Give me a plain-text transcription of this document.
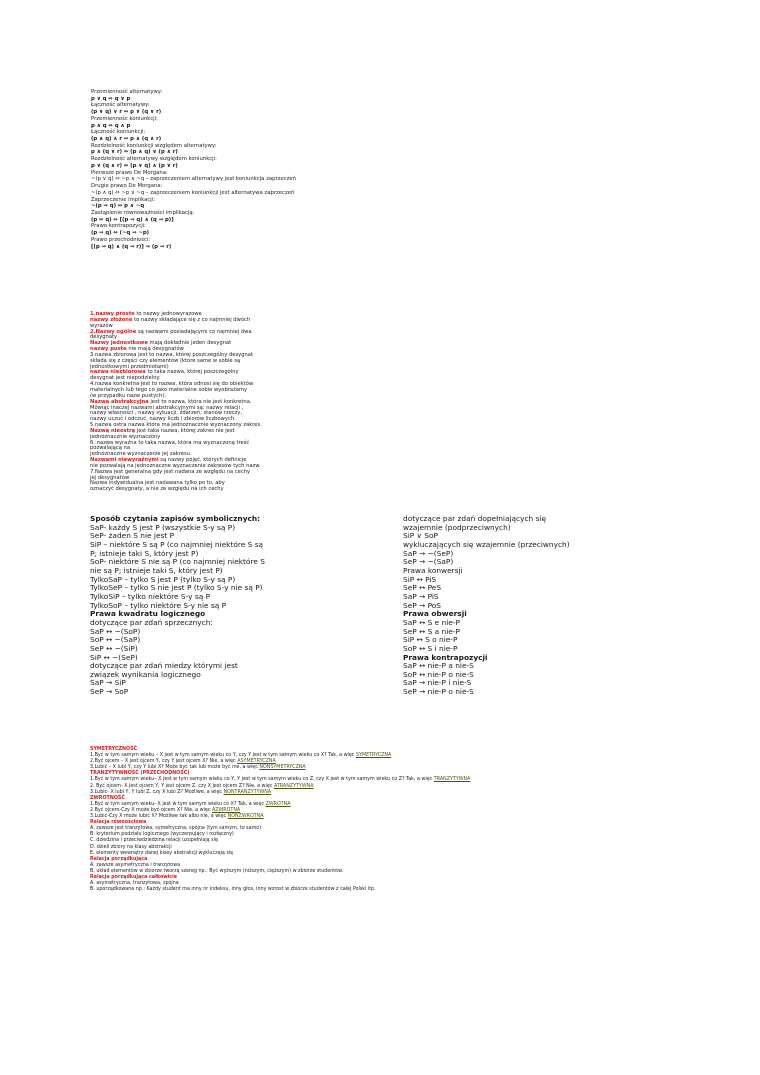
Przemienność alternatywy:
p ∨ q ⇔ q ∨ p
Łączność alternatywy:
(p ∨ q) ∨ r ⇔ p ∨ (q ∨ r)
Przemienność koniunkcji:
p ∧ q ⇔ q ∧ p
Łączność koniunkcji:
(p ∧ q) ∧ r ⇔ p ∧ (q ∧ r)
Rozdzielność koniunkcji względem alternatywy:
p ∧ (q ∨ r) ⇔ (p ∧ q) ∨ (p ∧ r)
Rozdzielność alternatywy względem koniunkcji:
p ∨ (q ∧ r) ⇔ (p ∨ q) ∧ (p ∨ r)
Pierwsze prawo De Morgana:
~(p ∨ q) ⇔ ~p ∧ ~q – zaprzeczeniem alternatywy jest koniunkcja zaprzeczeń
Drugie prawo De Morgana:
~(p ∧ q) ⇔ ~p ∨ ~q – zaprzeczeniem koniunkcji jest alternatywa zaprzeczeń
Zaprzeczenie implikacji:
~(p ⇒ q) ⇔ p ∧ ~q
Zastąpienie równoważności implikacją:
(p ⇔ q) ⇔ [(p ⇒ q) ∧ (q ⇒ p)]
Prawo kontrapozycji:
(p ⇒ q) ⇔ (~q ⇒ ~p)
Prawo przechodniości:
[(p ⇒ q) ∧ (q ⇒ r)] ⇒ (p ⇒ r)
1.nazwy proste to nazwy jednowyrazowe
nazwy złożone to nazwy składające się z co najmniej dwóch
wyrazów
2.Nazwy ogólne są nazwami posiadającymi co najmniej dwa
desygnaty
Nazwy jednostkowe mają dokładnie jeden desygnat
nazwy puste nie mają desygnatów
3.nazwa zbiorowa jest to nazwa, której poszczególny desygnat
składa się z części czy elementów (które same w sobie są
jednostkowymi przedmiotami)
nazwa niezbiorowa to taka nazwa, której poszczególny
desygnat jest niepodzielny
4.nazwa konkretna jest to nazwa, która odnosi się do obiektów
materialnych lub tego co jako materialne sobie wyobrażamy
(w przypadku nazw pustych).
Nazwa abstrakcyjna jest to nazwa, która nie jest konkretna.
Mówiąc inaczej nazwami abstrakcyjnymi są: nazwy relacji ,
nazwy własności , nazwy sytuacji, zdarzeń, stanów rzeczy,
nazwy uczuć i odczuć, nazwy liczb i zbiorów liczbowych.
5.nazwa ostra nazwa która ma jednoznacznie wyznaczony zakres.
Nazwą nieostrą jest taka nazwa, której zakres nie jest
jednoznacznie wyznaczony
6. nazwa wyraźna to taka nazwa, która ma wyznaczoną treść
pozwalającą na
jednoznaczne wyznaczenie jej zakresu.
Nazwami niewyraźnymi są nazwy pojęć, których definicje
nie pozwalają na jednoznaczne wyznaczenie zakresów tych nazw.
7.Nazwa jest generalna gdy jest nadana ze względu na cechy
jej desygnatów
Nazwa indywidualna jest nadawana tylko po to, aby
oznaczyć desygnaty, a nie ze względu na ich cechy
Sposób czytania zapisów symbolicznych:
SaP- każdy S jest P (wszystkie S-y są P)
SeP- żaden S nie jest P
SiP – niektóre S są P (co najmniej niektóre S są
P; istnieje taki S, który jest P)
SoP- niektóre S nie są P (co najmniej niektóre S
nie są P; istnieje taki S, który jest P)
TylkoSaP – tylko S jest P (tylko S-y są P)
TylkoSeP – tylko S nie jest P (tylko S-y nie są P)
TylkoSiP – tylko niektóre S-y są P
TylkoSoP – tylko niektóre S-y nie są P
Prawa kwadratu logicznego
dotyczące par zdań sprzecznych:
SaP ↔ ~(SoP)
SoP ↔ ~(SaP)
SeP ↔ ~(SiP)
SiP ↔ ~(SeP)
dotyczące par zdań miedzy którymi jest
związek wynikania logicznego
SaP → SiP
SeP → SoP
dotyczące par zdań dopełniających się
wzajemnie (podprzeciwnych)
SiP ∨ SoP
wykluczających się wzajemnie (przeciwnych)
SaP → ~(SeP)
SeP → ~(SaP)
Prawa konwersji
SiP ↔ PiS
SeP ↔ PeS
SaP → PiS
SeP → PoS
Prawa obwersji
SaP ↔ S e nie-P
SeP ↔ S a nie-P
SiP ↔ S o nie-P
SoP ↔ S i nie-P
Prawa kontrapozycji
SaP ↔ nie-P a nie-S
SoP ↔ nie-P o nie-S
SaP → nie-P i nie-S
SeP → nie-P o nie-S
SYMETRYCZNOŚĆ
1.Być w tym samym wieku – X jest w tym samym wieku co Y, czy Y jest w tym samym wieku co X? Tak, a więc SYMETRYCZNA
2.Być ojcem – X jest ojcem Y, czy Y jest ojcem X? Nie, a więc ASYMETRYCZNA
3.Lubić – X lubi Y, czy Y lubi X? Może być tak lub może być nie, a więc NONSYMETRYCZNA
TRANZYTYWNOŚĆ (PRZECHODNOŚĆ)
1.Być w tym samym wieku– X jest w tym samym wieku co Y, Y jest w tym samym wieku co Z, czy X jest w tym samym wieku co Z? Tak, a więc TRANZYTYWNA
2. Być ojcem- X jest ojcem Y, Y jest ojcem Z, czy X jest ojcem Z? Nie, a więc ATRANZYTYWNA
3.Lubić- X lubi Y, Y lubi Z, czy X lubi Z? Możliwe, a więc NONTRANZYTYWNA
ZWROTNOŚĆ
1.Być w tym samym wieku- X jest w tym samym wieku co X? Tak, a więc ZWROTNA
2.Być ojcem-Czy X może być ojcem X? Nie, a więc AZWROTNA
3.Lubić-Czy X może lubić X? Możliwe tak albo nie, a więc NONZWROTNA
Relacja równościowa
A. zawsze jest tranzytowa, symetryczna, spójna (tym samym, to samo)
B. kryterium podziału logicznego (wyczerpujący i rozłączny)
C. dziedzina i przeciwdziedzina relacji uzupełniają się
D. dzieli zbiory na klasy abstrakcji
E. elementy wewnątrz danej klasy abstrakcji wykluczają się
Relacja porządkująca
A. zawsze asymetryczna i tranzytowa
B. układ elementów w zbiorze tworzą szereg np.: Być wyższym (niższym, cięższym) w zbiorze studentów.
Relacja porządkująca całkowicie
A. asymetryczna, tranzytowa, spójna
B. uporządkowana np.: Każdy student ma inny nr indeksu, inny głos, inny wzrost w zbiorze studentów z całej Polski itp.
